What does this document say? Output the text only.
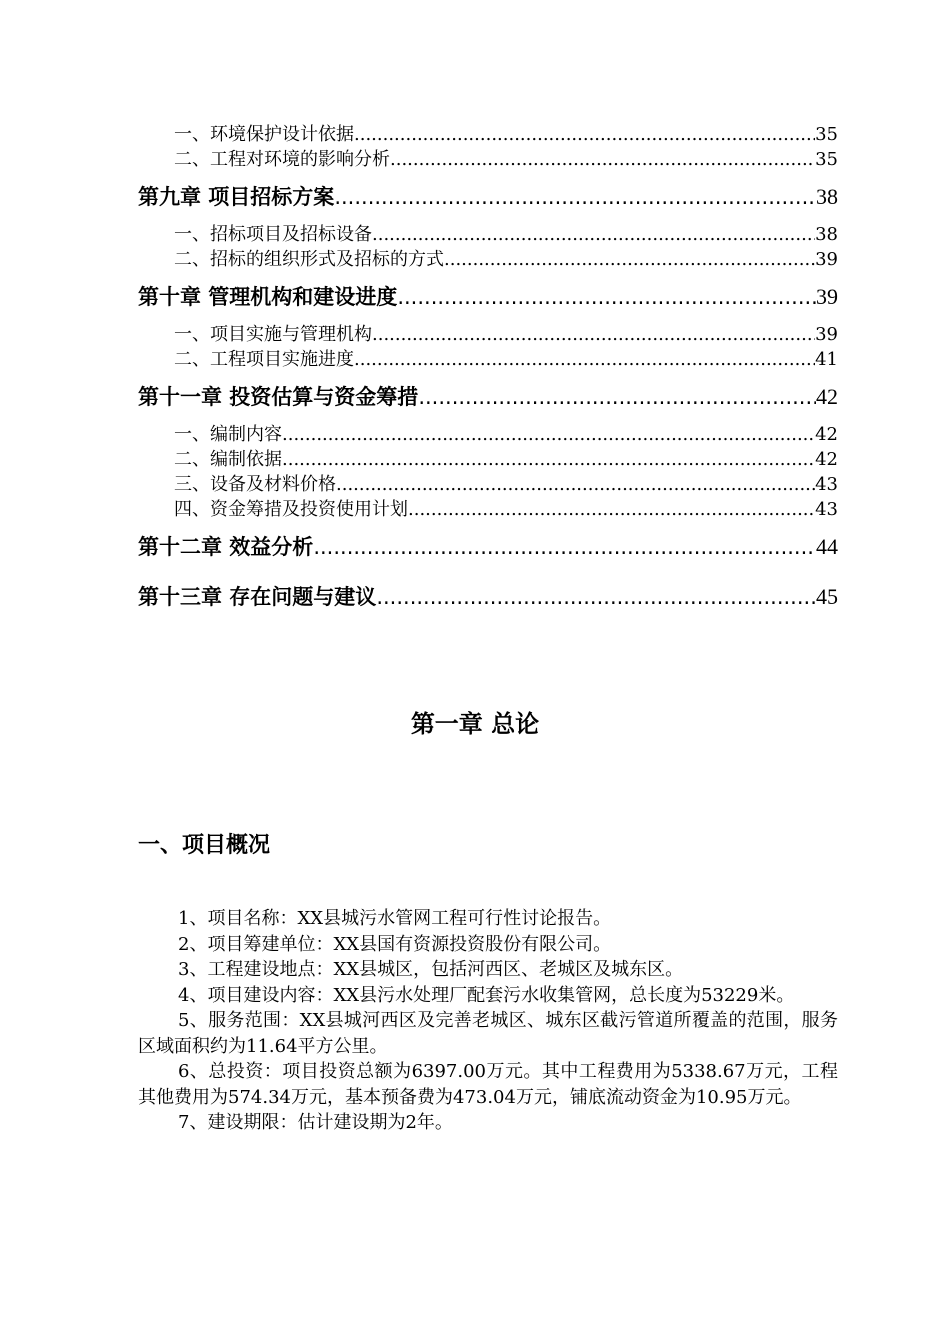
一、环境保护设计依据 .....	35
二、工程对环境的影响分析 .....	35
第九章 项目招标方案 .....	38
一、招标项目及招标设备 .....	38
二、招标的组织形式及招标的方式 .....	39
第十章 管理机构和建设进度 .....	39
一、项目实施与管理机构 .....	39
二、工程项目实施进度 .....	41
第十一章 投资估算与资金筹措 .....	42
一、编制内容 .....	42
二、编制依据 .....	42
三、设备及材料价格 .....	43
四、资金筹措及投资使用计划 .....	43
第十二章 效益分析 .....	44
第十三章 存在问题与建议 .....	45
第一章 总论
一、项目概况

1、项目名称：XX县城污水管网工程可行性讨论报告。

2、项目筹建单位：XX县国有资源投资股份有限公司。

3、工程建设地点：XX县城区，包括河西区、老城区及城东区。

4、项目建设内容：XX县污水处理厂配套污水收集管网，总长度为53229米。

5、服务范围：XX县城河西区及完善老城区、城东区截污管道所覆盖的范围，服务区域面积约为11.64平方公里。

6、总投资：项目投资总额为6397.00万元。其中工程费用为5338.67万元，工程其他费用为574.34万元，基本预备费为473.04万元，铺底流动资金为10.95万元。

7、建设期限：估计建设期为2年。
